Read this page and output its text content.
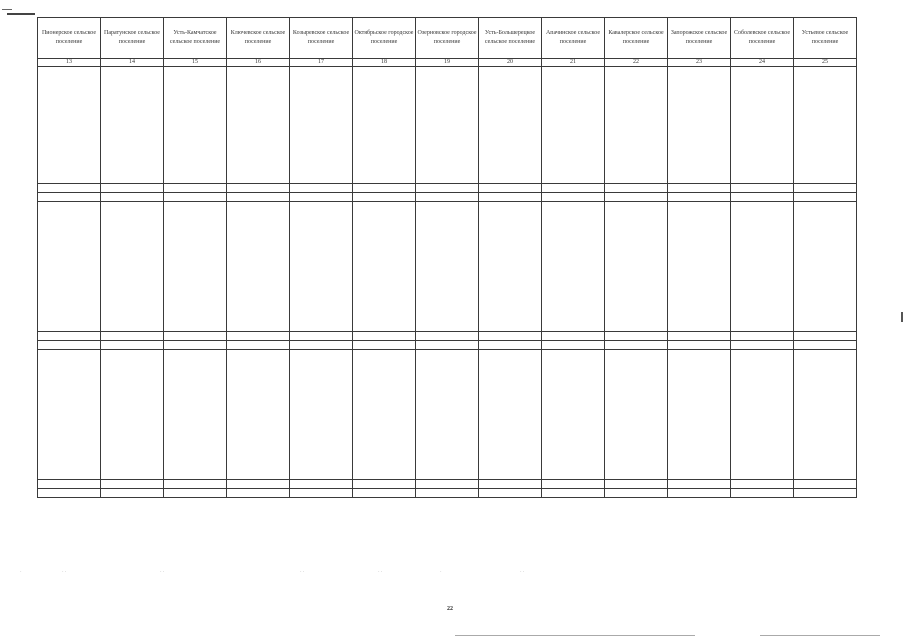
Пионерское сельское поселение	Паратунское сельское поселение	Усть-Камчатское сельское поселение	Ключевское сельское поселение	Козыревское сельское поселение	Октябрьское городское поселение	Озерновское городское поселение	Усть-Большерецкое сельское поселение	Апачинское сельское поселение	Кавалерское сельское поселение	Запорожское сельское поселение	Соболевское сельское поселение	Устьевое сельское поселение
13	14	15	16	17	18	19	20	21	22	23	24	25

·	· ·	· ·	· ·	· ·	·	· ·
22
